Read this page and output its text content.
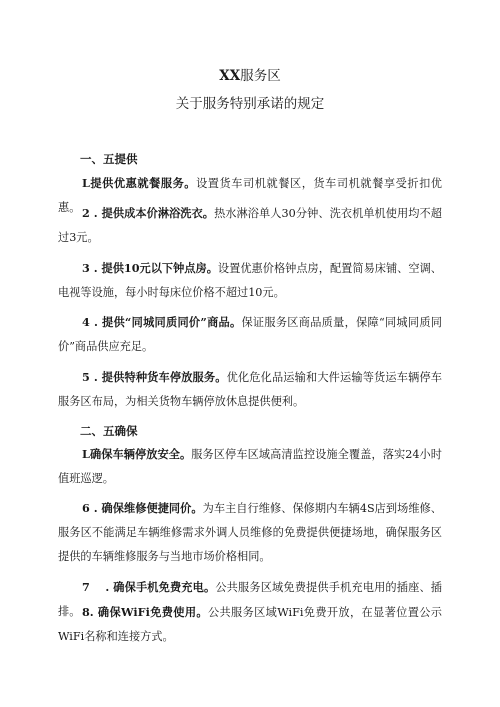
XX服务区
关于服务特别承诺的规定
一、五提供
L提供优惠就餐服务。设置货车司机就餐区，货车司机就餐享受折扣优惠。 2 . 提供成本价淋浴洗衣。热水淋浴单人30分钟、洗衣机单机使用均不超过3元。
3 . 提供10元以下钟点房。设置优惠价格钟点房，配置简易床铺、空调、电视等设施，每小时每床位价格不超过10元。
4 . 提供“同城同质同价”商品。保证服务区商品质量，保障“同城同质同价”商品供应充足。
5 . 提供特种货车停放服务。优化危化品运输和大件运输等货运车辆停车服务区布局，为相关货物车辆停放休息提供便利。
二、五确保
L确保车辆停放安全。服务区停车区域高清监控设施全覆盖，落实24小时值班巡逻。
6 . 确保维修便捷同价。为车主自行维修、保修期内车辆4S店到场维修、服务区不能满足车辆维修需求外调人员维修的免费提供便捷场地，确保服务区提供的车辆维修服务与当地市场价格相同。
7　 . 确保手机免费充电。公共服务区域免费提供手机充电用的插座、插排。 8. 确保WiFi免费使用。公共服务区域WiFi免费开放，在显著位置公示WiFi名称和连接方式。
